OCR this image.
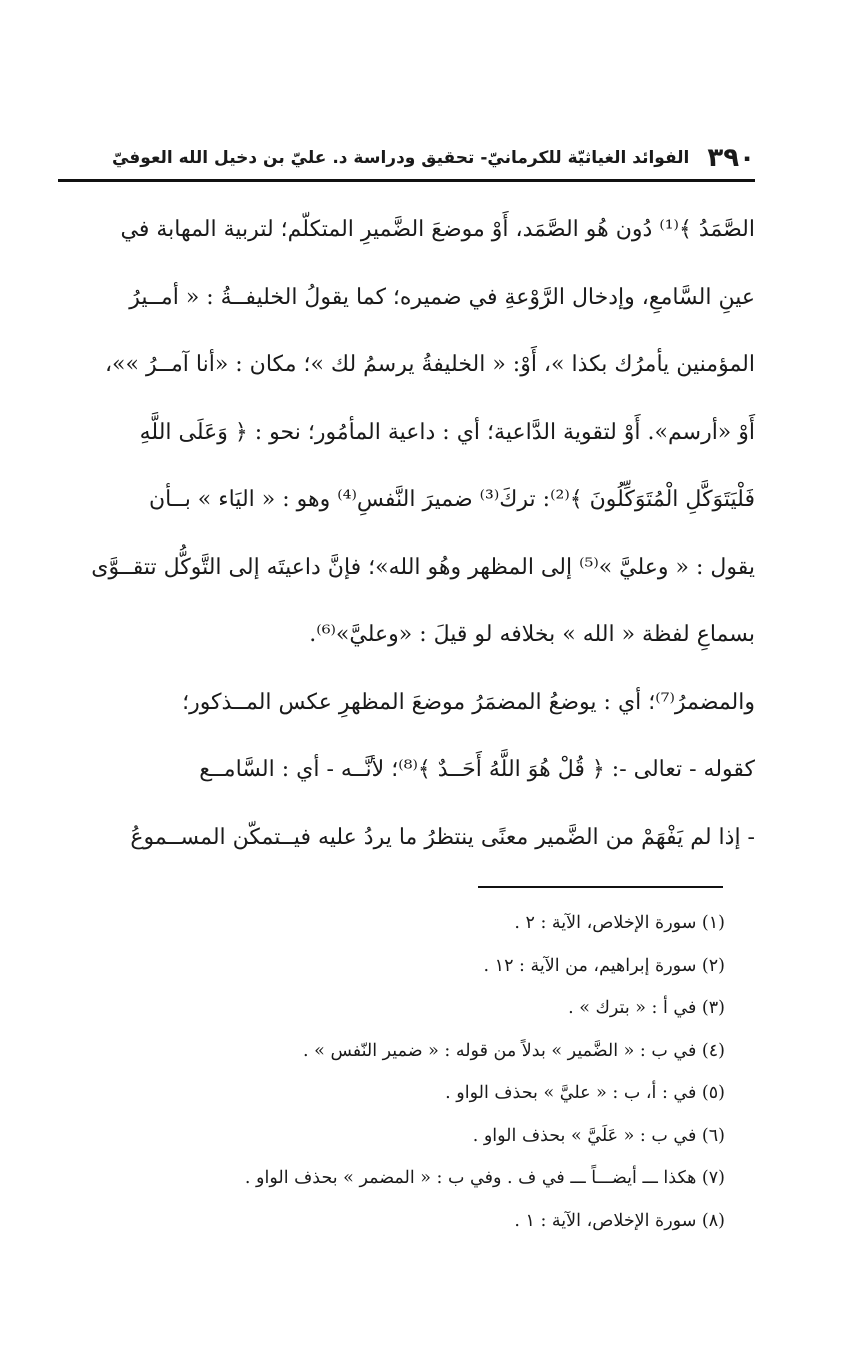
٣٩٠
الفوائد الغياثيّة للكرمانيّ- تحقيق ودراسة د. عليّ بن دخيل الله العوفيّ

الصَّمَدُ ﴾⁽¹⁾ دُون هُو الصَّمَد، أَوْ موضعَ الضَّميرِ المتكلّم؛ لتربية المهابة في
عينِ السَّامعِ، وإدخال الرَّوْعةِ في ضميره؛ كما يقولُ الخليفــةُ : « أمــيرُ
المؤمنين يأمرُك بكذا »، أَوْ: « الخليفةُ يرسمُ لك »؛ مكان : «أنا آمــرُ »»،
أَوْ «أرسم». أَوْ لتقوية الدَّاعية؛ أي : داعية المأمُور؛ نحو : ﴿ وَعَلَى اللَّهِ
فَلْيَتَوَكَّلِ الْمُتَوَكِّلُونَ ﴾⁽²⁾: تركَ⁽³⁾ ضميرَ النَّفسِ⁽⁴⁾ وهو : « اليَاء » بــأن
يقول : « وعليَّ »⁽⁵⁾ إلى المظهر وهُو الله»؛ فإنَّ داعيتَه إلى التَّوكُّل تتقــوَّى
بسماعِ لفظة « الله » بخلافه لو قيلَ : «وعليَّ»⁽⁶⁾.

والمضمرُ⁽⁷⁾؛ أي : يوضعُ المضمَرُ موضعَ المظهرِ عكس المــذكور؛
كقوله - تعالى -: ﴿ قُلْ هُوَ اللَّهُ أَحَــدٌ ﴾⁽⁸⁾؛ لأنَّــه - أي : السَّامــع
- إذا لم يَفْهَمْ من الضَّمير معنًى ينتظرُ ما يردُ عليه فيــتمكّن المســموعُ

(١) سورة الإخلاص، الآية : ٢ .
(٢) سورة إبراهيم، من الآية : ١٢ .
(٣) في أ : « بترك » .
(٤) في ب : « الضَّمير » بدلاً من قوله : « ضمير النّفس » .
(٥) في : أ، ب : « عليَّ » بحذف الواو .
(٦) في ب : « عَلَيَّ » بحذف الواو .
(٧) هكذا ـــ أيضـــاً ـــ في ف . وفي ب : « المضمر » بحذف الواو .
(٨) سورة الإخلاص، الآية : ١ .
